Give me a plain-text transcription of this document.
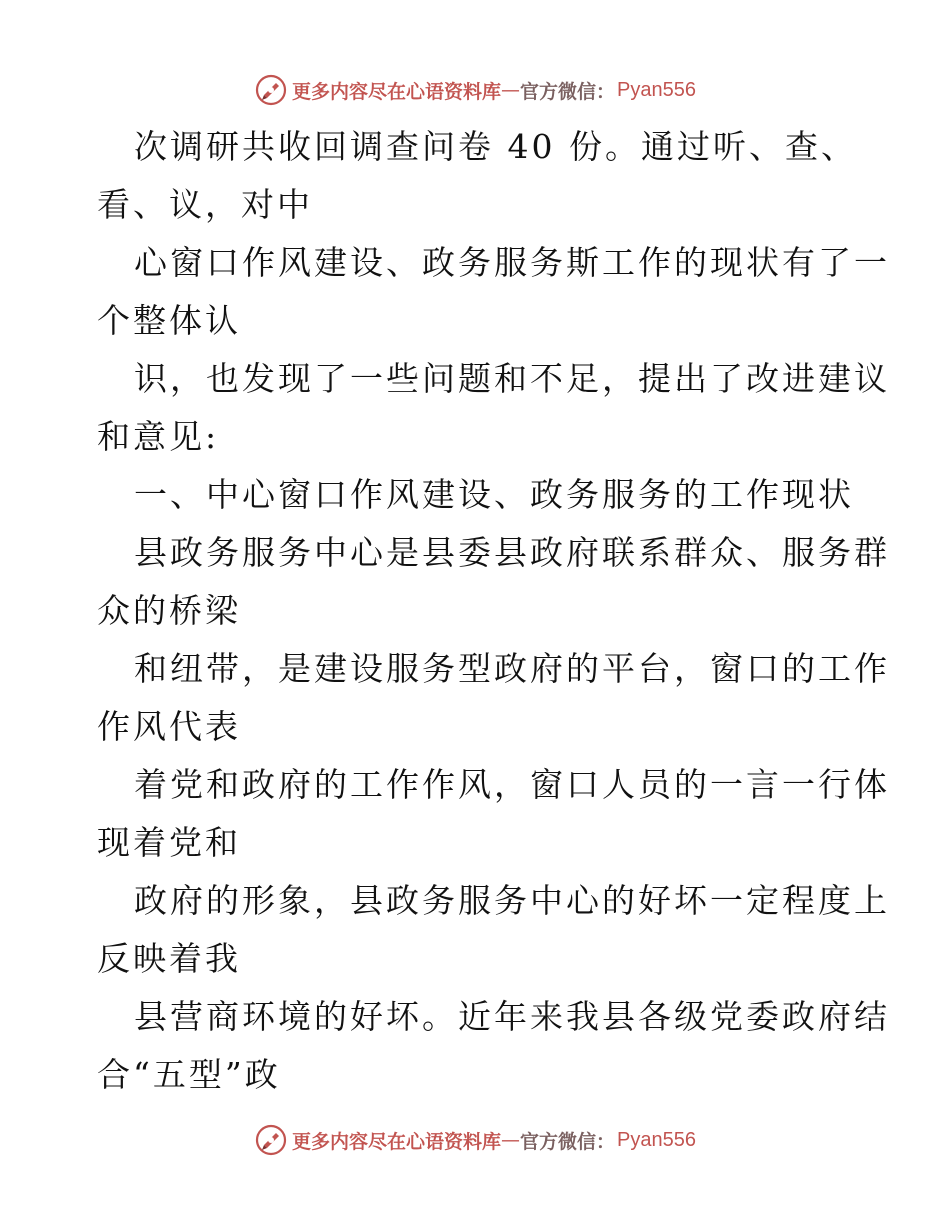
更多内容尽在心语资料库 — 官方微信： Pyan556
次调研共收回调查问卷 40 份。通过听、查、
看、议，对中
心窗口作风建设、政务服务斯工作的现状有了一
个整体认
识，也发现了一些问题和不足，提出了改进建议
和意见:
一、中心窗口作风建设、政务服务的工作现状
县政务服务中心是县委县政府联系群众、服务群
众的桥梁
和纽带，是建设服务型政府的平台，窗口的工作
作风代表
着党和政府的工作作风，窗口人员的一言一行体
现着党和
政府的形象，县政务服务中心的好坏一定程度上
反映着我
县营商环境的好坏。近年来我县各级党委政府结
合“五型”政
更多内容尽在心语资料库 — 官方微信： Pyan556
